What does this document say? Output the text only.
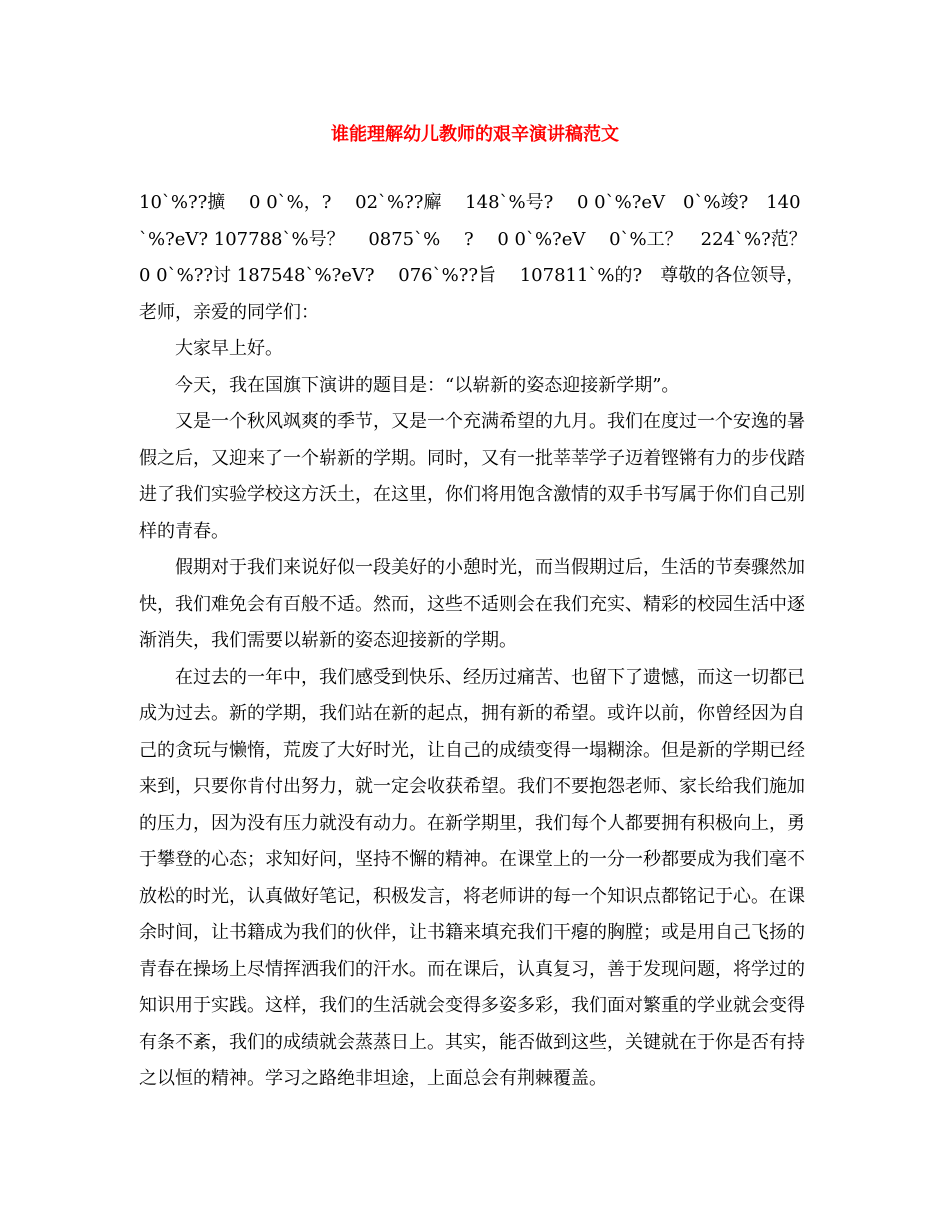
谁能理解幼儿教师的艰辛演讲稿范文

10`%??擴　 0 0`%，?　 02`%??廨　 148`%号?　 0 0`%?eV　0`%竣?　140`%?eV? 107788`%号？　 0875`%　 ?　 0 0`%?eV　 0`%工？　224`%?范？　 0 0`%??讨 187548`%?eV?　 076`%??旨　 107811`%的?　尊敬的各位领导，老师，亲爱的同学们：

大家早上好。

今天，我在国旗下演讲的题目是：“以崭新的姿态迎接新学期”。

又是一个秋风飒爽的季节，又是一个充满希望的九月。我们在度过一个安逸的暑假之后，又迎来了一个崭新的学期。同时，又有一批莘莘学子迈着铿锵有力的步伐踏进了我们实验学校这方沃土，在这里，你们将用饱含激情的双手书写属于你们自己别样的青春。

假期对于我们来说好似一段美好的小憩时光，而当假期过后，生活的节奏骤然加快，我们难免会有百般不适。然而，这些不适则会在我们充实、精彩的校园生活中逐渐消失，我们需要以崭新的姿态迎接新的学期。

在过去的一年中，我们感受到快乐、经历过痛苦、也留下了遗憾，而这一切都已成为过去。新的学期，我们站在新的起点，拥有新的希望。或许以前，你曾经因为自己的贪玩与懒惰，荒废了大好时光，让自己的成绩变得一塌糊涂。但是新的学期已经来到，只要你肯付出努力，就一定会收获希望。我们不要抱怨老师、家长给我们施加的压力，因为没有压力就没有动力。在新学期里，我们每个人都要拥有积极向上，勇于攀登的心态；求知好问，坚持不懈的精神。在课堂上的一分一秒都要成为我们毫不放松的时光，认真做好笔记，积极发言，将老师讲的每一个知识点都铭记于心。在课余时间，让书籍成为我们的伙伴，让书籍来填充我们干瘪的胸膛；或是用自己飞扬的青春在操场上尽情挥洒我们的汗水。而在课后，认真复习，善于发现问题，将学过的知识用于实践。这样，我们的生活就会变得多姿多彩，我们面对繁重的学业就会变得有条不紊，我们的成绩就会蒸蒸日上。其实，能否做到这些，关键就在于你是否有持之以恒的精神。学习之路绝非坦途，上面总会有荆棘覆盖。
